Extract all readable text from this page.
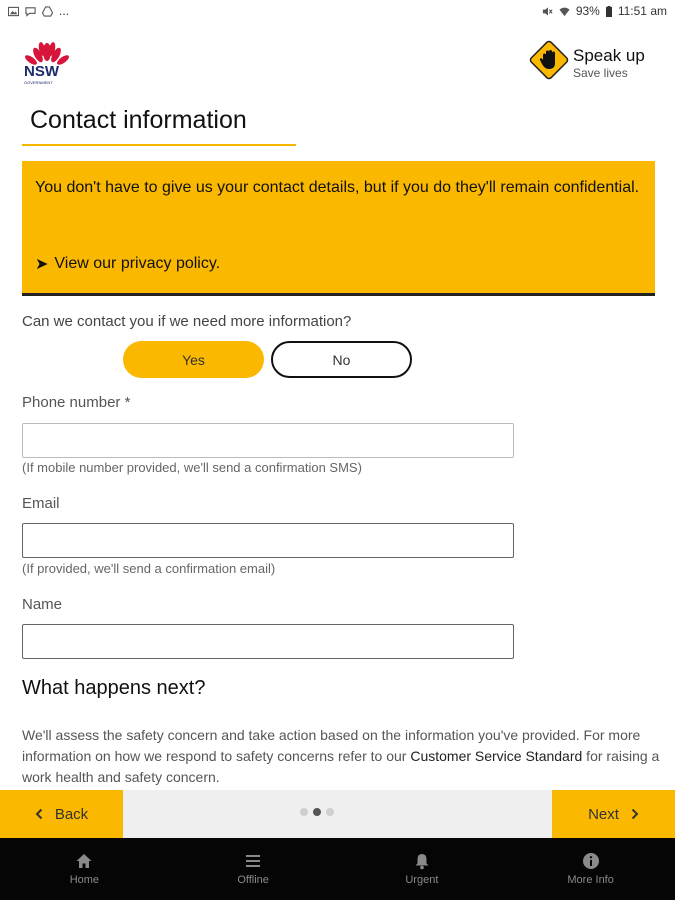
...	93% 11:51 am
NSW
GOVERNMENT
Speak up
Save lives
Contact information
You don't have to give us your contact details, but if you do they'll remain confidential.
➤ View our privacy policy.
Can we contact you if we need more information?
Yes	No
Phone number *
(If mobile number provided, we'll send a confirmation SMS)
Email
(If provided, we'll send a confirmation email)
Name
What happens next?
We'll assess the safety concern and take action based on the information you've provided. For more information on how we respond to safety concerns refer to our Customer Service Standard for raising a work health and safety concern.
Back	Next
Home	Offline	Urgent	More Info
